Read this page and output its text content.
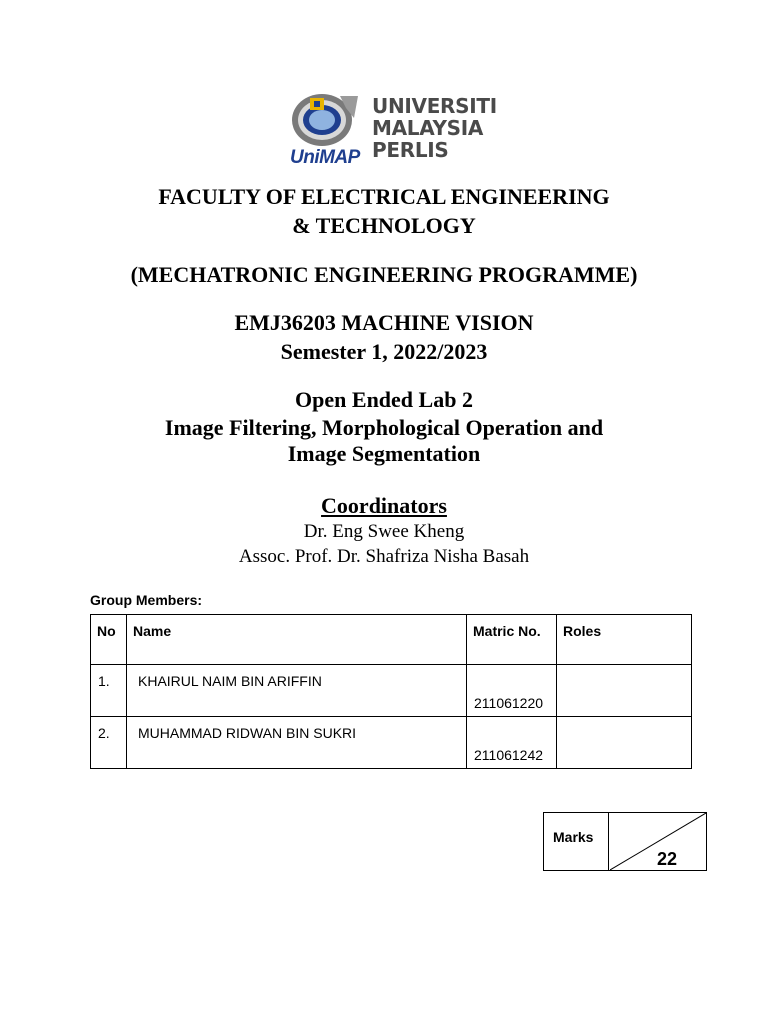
UniMAP
UNIVERSITI
MALAYSIA
PERLIS
FACULTY OF ELECTRICAL ENGINEERING
& TECHNOLOGY
(MECHATRONIC ENGINEERING PROGRAMME)
EMJ36203 MACHINE VISION
Semester 1, 2022/2023
Open Ended Lab 2
Image Filtering, Morphological Operation and
Image Segmentation
Coordinators
Dr. Eng Swee Kheng
Assoc. Prof. Dr. Shafriza Nisha Basah
Group Members:
No	Name	Matric No.	Roles

1.	KHAIRUL NAIM BIN ARIFFIN	211061220	

2.	MUHAMMAD RIDWAN BIN SUKRI	211061242	

Marks
22
